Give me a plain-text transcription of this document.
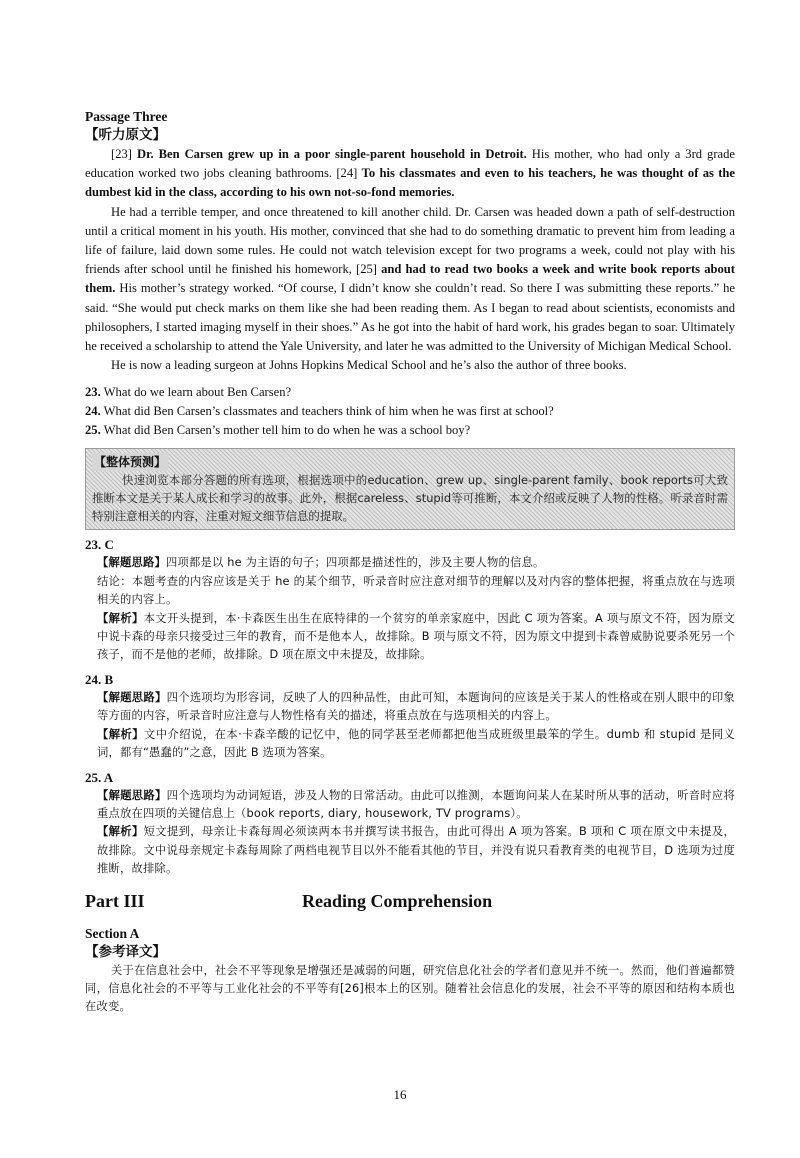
Passage Three
【听力原文】

[23] Dr. Ben Carsen grew up in a poor single-parent household in Detroit. His mother, who had only a 3rd grade education worked two jobs cleaning bathrooms. [24] To his classmates and even to his teachers, he was thought of as the dumbest kid in the class, according to his own not-so-fond memories.

He had a terrible temper, and once threatened to kill another child. Dr. Carsen was headed down a path of self-destruction until a critical moment in his youth. His mother, convinced that she had to do something dramatic to prevent him from leading a life of failure, laid down some rules. He could not watch television except for two programs a week, could not play with his friends after school until he finished his homework, [25] and had to read two books a week and write book reports about them. His mother’s strategy worked. “Of course, I didn’t know she couldn’t read. So there I was submitting these reports.” he said. “She would put check marks on them like she had been reading them. As I began to read about scientists, economists and philosophers, I started imaging myself in their shoes.” As he got into the habit of hard work, his grades began to soar. Ultimately he received a scholarship to attend the Yale University, and later he was admitted to the University of Michigan Medical School.

He is now a leading surgeon at Johns Hopkins Medical School and he’s also the author of three books.

23. What do we learn about Ben Carsen?

24. What did Ben Carsen’s classmates and teachers think of him when he was first at school?

25. What did Ben Carsen’s mother tell him to do when he was a school boy?

【整体预测】
快速浏览本部分答题的所有选项，根据选项中的education、grew up、single-parent family、book reports可大致推断本文是关于某人成长和学习的故事。此外，根据careless、stupid等可推断，本文介绍或反映了人物的性格。听录音时需特别注意相关的内容，注重对短文细节信息的提取。
23. C

【解题思路】四项都是以 he 为主语的句子；四项都是描述性的，涉及主要人物的信息。

结论：本题考查的内容应该是关于 he 的某个细节，听录音时应注意对细节的理解以及对内容的整体把握，将重点放在与选项相关的内容上。

【解析】本文开头提到，本·卡森医生出生在底特律的一个贫穷的单亲家庭中，因此 C 项为答案。A 项与原文不符，因为原文中说卡森的母亲只接受过三年的教育，而不是他本人，故排除。B 项与原文不符，因为原文中提到卡森曾威胁说要杀死另一个孩子，而不是他的老师，故排除。D 项在原文中未提及，故排除。

24. B

【解题思路】四个选项均为形容词，反映了人的四种品性，由此可知，本题询问的应该是关于某人的性格或在别人眼中的印象等方面的内容，听录音时应注意与人物性格有关的描述，将重点放在与选项相关的内容上。

【解析】文中介绍说，在本·卡森辛酸的记忆中，他的同学甚至老师都把他当成班级里最笨的学生。dumb 和 stupid 是同义词，都有“愚蠢的”之意，因此 B 选项为答案。

25. A

【解题思路】四个选项均为动词短语，涉及人物的日常活动。由此可以推测，本题询问某人在某时所从事的活动，听音时应将重点放在四项的关键信息上（book reports, diary, housework, TV programs）。

【解析】短文提到，母亲让卡森每周必须读两本书并撰写读书报告，由此可得出 A 项为答案。B 项和 C 项在原文中未提及，故排除。文中说母亲规定卡森每周除了两档电视节目以外不能看其他的节目，并没有说只看教育类的电视节目，D 选项为过度推断，故排除。

Part III	Reading Comprehension
Section A
【参考译文】

关于在信息社会中，社会不平等现象是增强还是减弱的问题，研究信息化社会的学者们意见并不统一。然而，他们普遍都赞同，信息化社会的不平等与工业化社会的不平等有[26]根本上的区别。随着社会信息化的发展，社会不平等的原因和结构本质也在改变。

16
